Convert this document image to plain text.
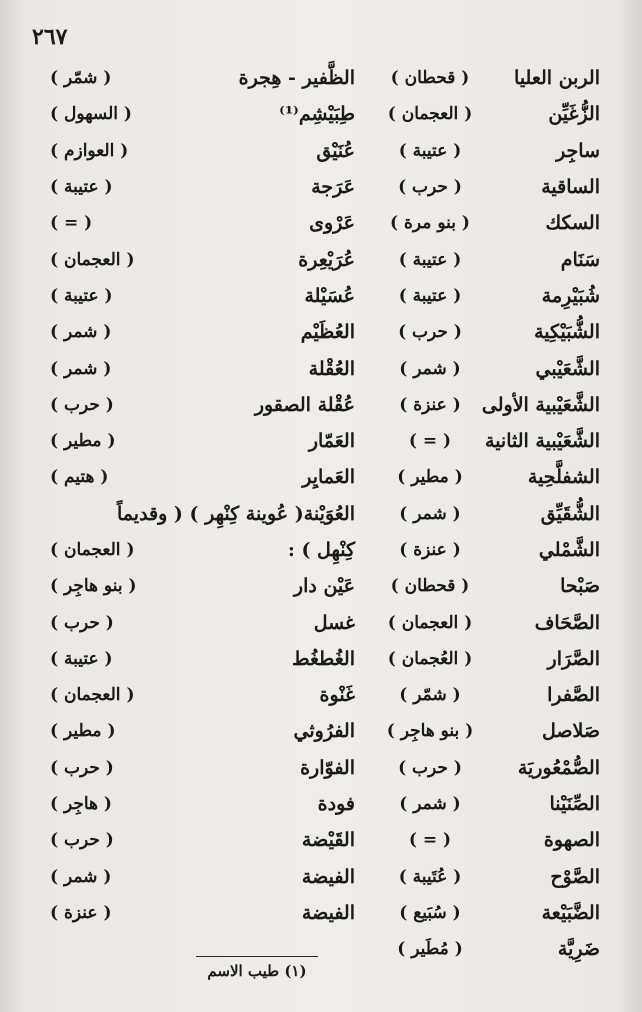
٢٦٧
الربن العليا
( قحطان )
الزُّغَيِّن
( العجمان )
ساجِر
( عتيبة )
الساقية
( حرب )
السكك
( بنو مرة )
سَنَام
( عتيبة )
شُبَيْرِمة
( عتيبة )
الشُّبَيْكِية
( حرب )
الشَّعَيْبي
( شمر )
الشَّعَيْبية الأولى
( عنزة )
الشَّعَيْبية الثانية
( = )
الشفلَّحِية
( مطير )
الشُّقَيِّق
( شمر )
الشَّمْلي
( عنزة )
صَبْحا
( قحطان )
الصَّحَاف
( العجمان )
الصَّرَار
( العُجمان )
الصَّفرا
( شمّر )
صَلاصل
( بنو هاجِر )
الصُّمْعُوريَة
( حرب )
الصِّنَيْنا
( شمر )
الصهوة
( = )
الصَّوْح
( عُتَيبة )
الضَّبَيْعة
( سُبَيع )
ضَرِيَّة
( مُطَير )
الظَّفير - هِجرة
( شمّر )
طِبَيْشِم⁽¹⁾
( السهول )
عُنَيْق
( العوازم )
عَرَجة
( عتيبة )
عَرْوى
( = )
عُرَيْعِرة
( العجمان )
عُسَيْلة
( عتيبة )
العُظَيْم
( شمر )
العُقْلة
( شمر )
عُقْلة الصقور
( حرب )
العَمّار
( مطير )
العَمايِر
( هتيم )
العُوَيْنة( عُوينة كِنْهِر ) ( وقديماً
كِنْهِل ) :
( العجمان )
عَيْن دار
( بنو هاجِر )
غسل
( حرب )
الغُطغُط
( عتيبة )
غَنْوة
( العجمان )
الفرُوثي
( مطير )
الفوّارة
( حرب )
فودة
( هاجِر )
القَيْضة
( حرب )
الفيضة
( شمر )
الفيضة
( عنزة )
(١) طيب الاسم
